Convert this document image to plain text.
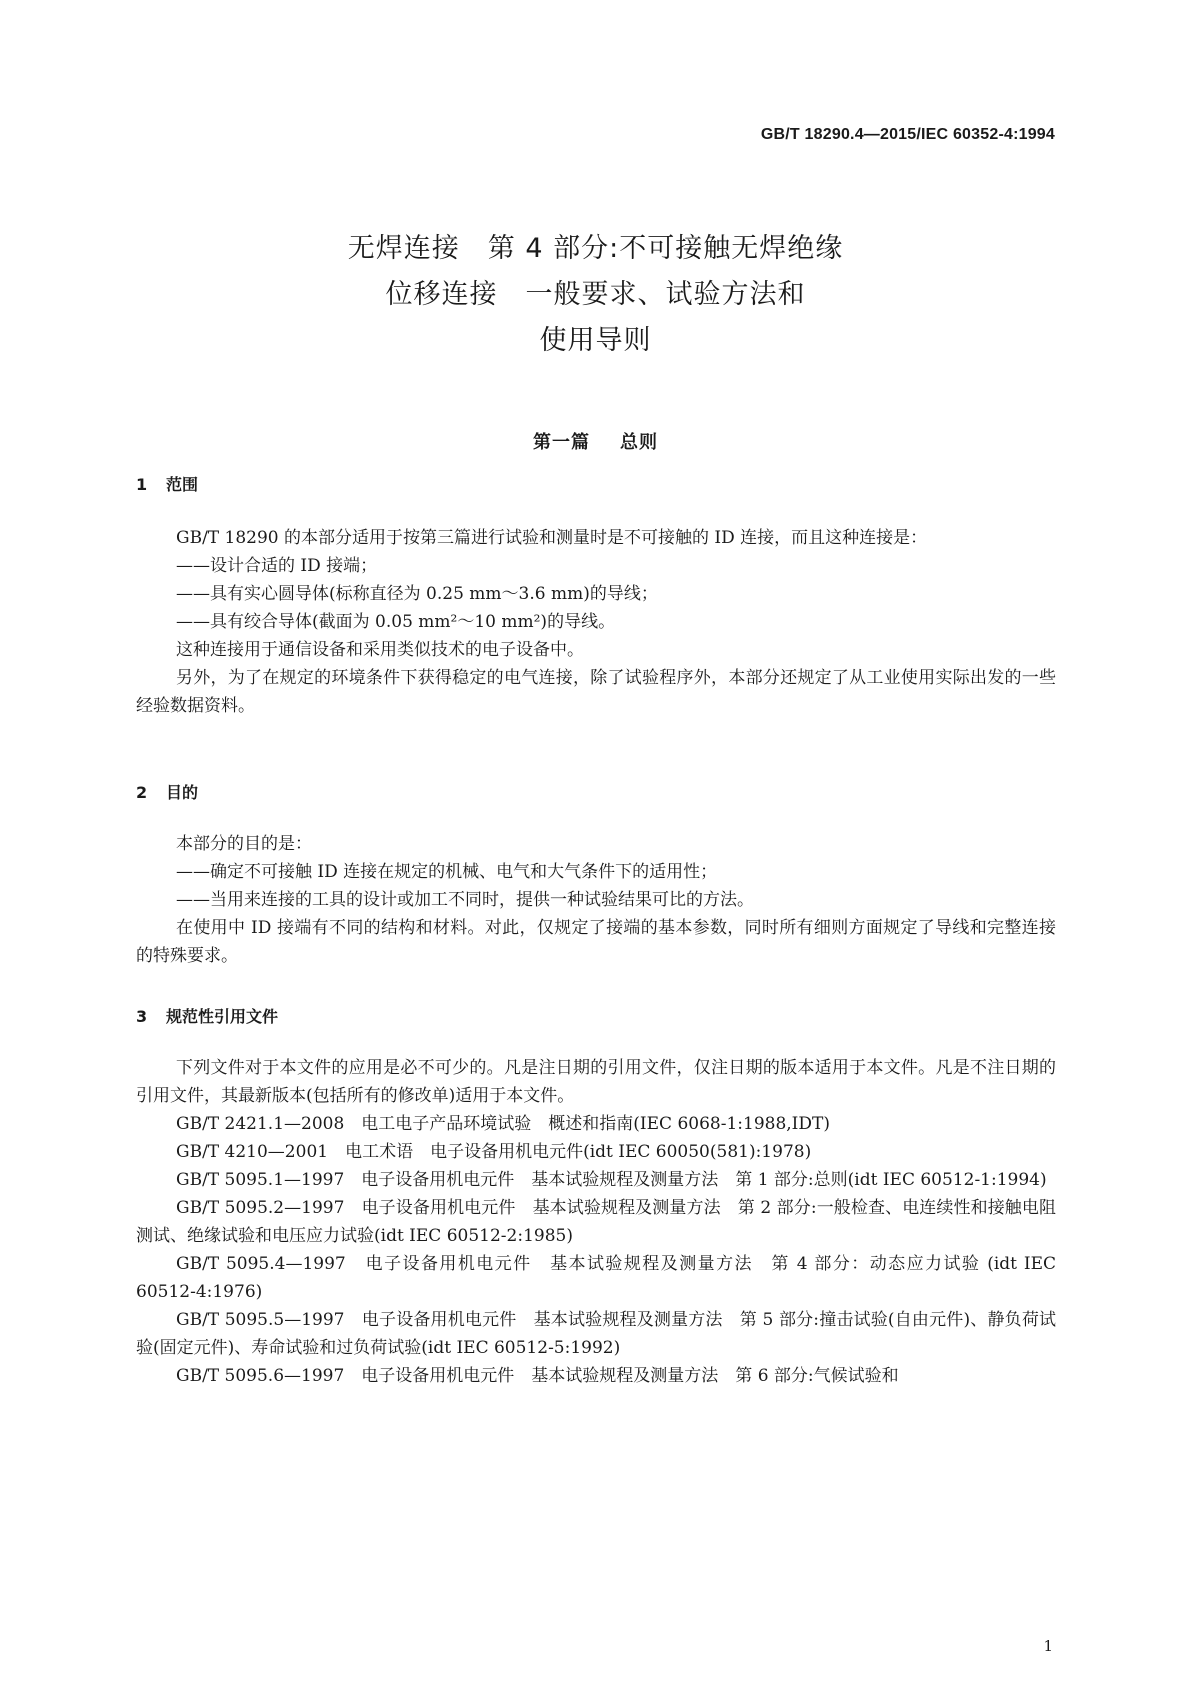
GB/T 18290.4—2015/IEC 60352-4:1994
无焊连接　第 4 部分:不可接触无焊绝缘
位移连接　一般要求、试验方法和
使用导则
第一篇 总则
1 范围

GB/T 18290 的本部分适用于按第三篇进行试验和测量时是不可接触的 ID 连接，而且这种连接是：

——设计合适的 ID 接端；

——具有实心圆导体(标称直径为 0.25 mm～3.6 mm)的导线；

——具有绞合导体(截面为 0.05 mm²～10 mm²)的导线。

这种连接用于通信设备和采用类似技术的电子设备中。

另外，为了在规定的环境条件下获得稳定的电气连接，除了试验程序外，本部分还规定了从工业使用实际出发的一些经验数据资料。

2 目的

本部分的目的是：

——确定不可接触 ID 连接在规定的机械、电气和大气条件下的适用性；

——当用来连接的工具的设计或加工不同时，提供一种试验结果可比的方法。

在使用中 ID 接端有不同的结构和材料。对此，仅规定了接端的基本参数，同时所有细则方面规定了导线和完整连接的特殊要求。

3 规范性引用文件

下列文件对于本文件的应用是必不可少的。凡是注日期的引用文件，仅注日期的版本适用于本文件。凡是不注日期的引用文件，其最新版本(包括所有的修改单)适用于本文件。

GB/T 2421.1—2008　电工电子产品环境试验　概述和指南(IEC 6068-1:1988,IDT)

GB/T 4210—2001　电工术语　电子设备用机电元件(idt IEC 60050(581):1978)

GB/T 5095.1—1997　电子设备用机电元件　基本试验规程及测量方法　第 1 部分:总则(idt IEC 60512-1:1994)

GB/T 5095.2—1997　电子设备用机电元件　基本试验规程及测量方法　第 2 部分:一般检查、电连续性和接触电阻测试、绝缘试验和电压应力试验(idt IEC 60512-2:1985)

GB/T 5095.4—1997　电子设备用机电元件　基本试验规程及测量方法　第 4 部分：动态应力试验 (idt IEC 60512-4:1976)

GB/T 5095.5—1997　电子设备用机电元件　基本试验规程及测量方法　第 5 部分:撞击试验(自由元件)、静负荷试验(固定元件)、寿命试验和过负荷试验(idt IEC 60512-5:1992)

GB/T 5095.6—1997　电子设备用机电元件　基本试验规程及测量方法　第 6 部分:气候试验和

1
